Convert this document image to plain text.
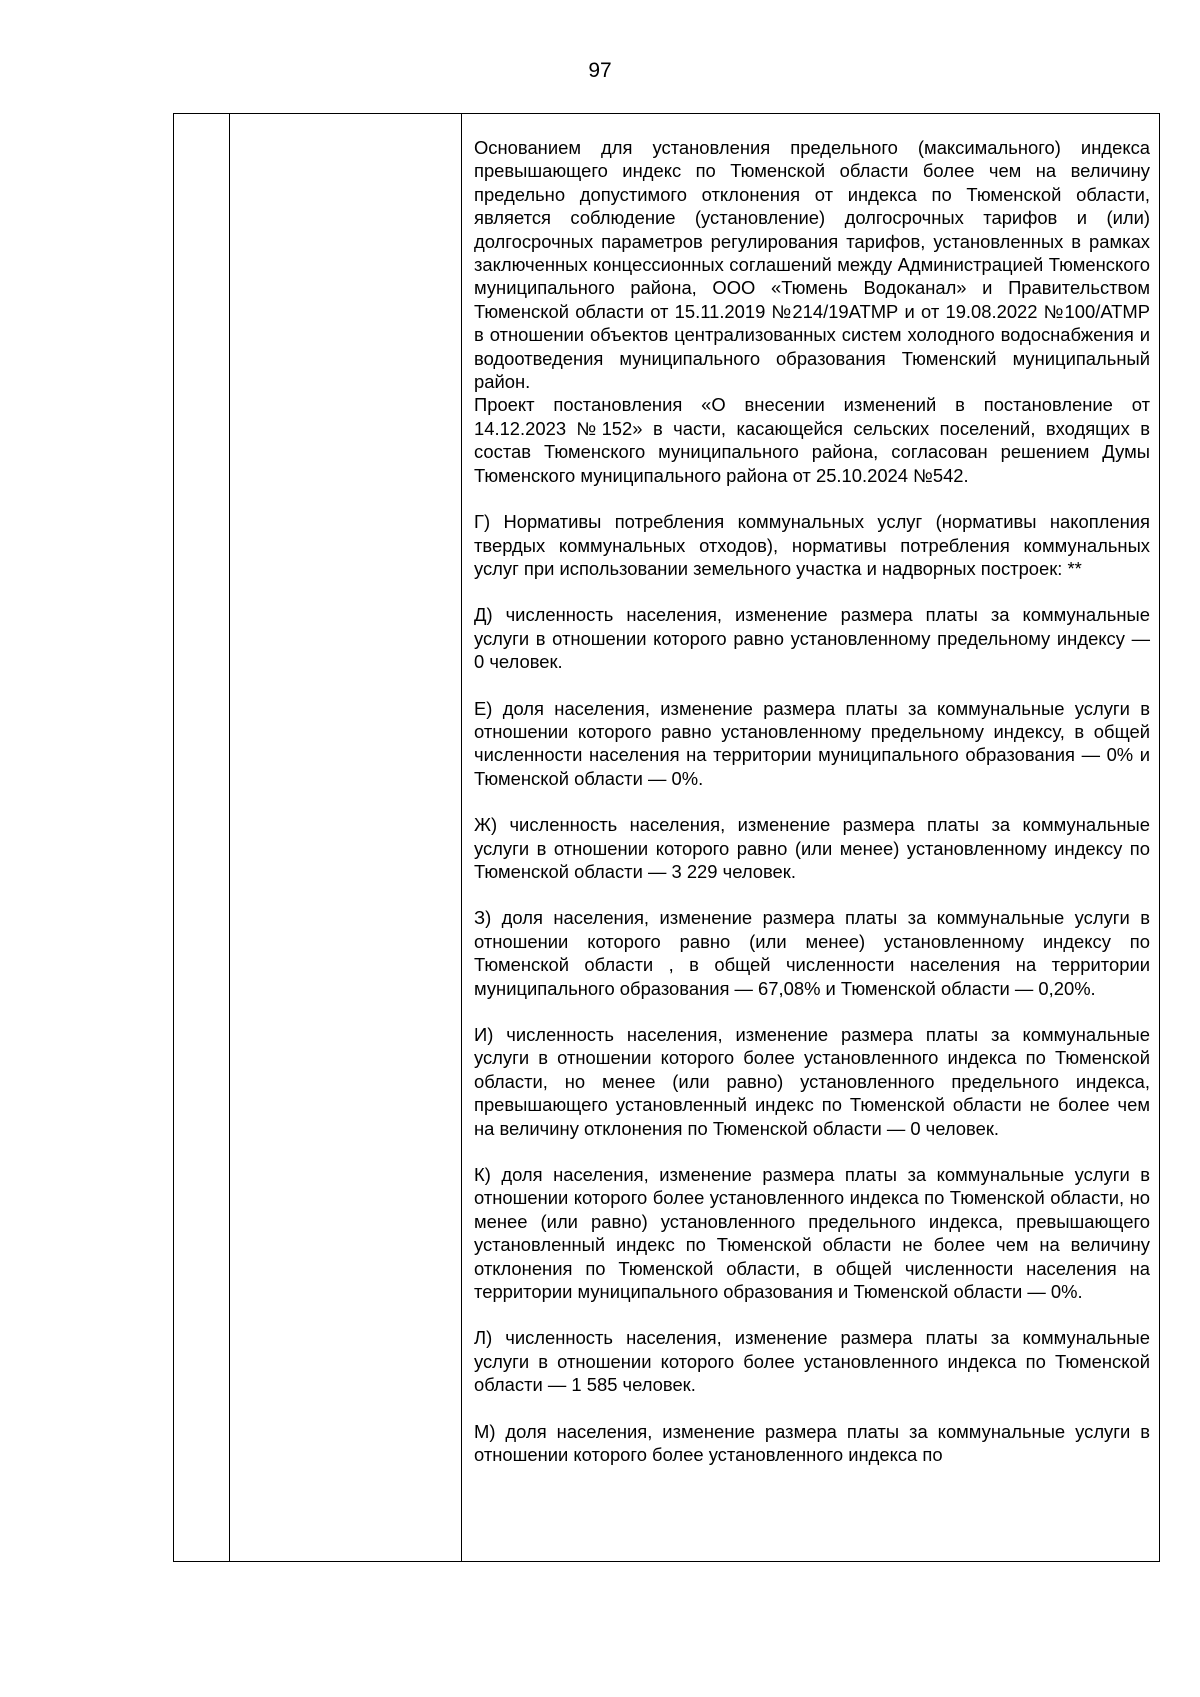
97

Основанием для установления предельного (максимального) индекса превышающего индекс по Тюменской области более чем на величину предельно допустимого отклонения от индекса по Тюменской области, является соблюдение (установление) долгосрочных тарифов и (или) долгосрочных параметров регулирования тарифов, установленных в рамках заключенных концессионных соглашений между Администрацией Тюменского муниципального района, ООО «Тюмень Водоканал» и Правительством Тюменской области от 15.11.2019 №214/19АТМР и от 19.08.2022 №100/АТМР в отношении объектов централизованных систем холодного водоснабжения и водоотведения муниципального образования Тюменский муниципальный район.

Проект постановления «О внесении изменений в постановление от 14.12.2023 №152» в части, касающейся сельских поселений, входящих в состав Тюменского муниципального района, согласован решением Думы Тюменского муниципального района от 25.10.2024 №542.

Г) Нормативы потребления коммунальных услуг (нормативы накопления твердых коммунальных отходов), нормативы потребления коммунальных услуг при использовании земельного участка и надворных построек: **

Д) численность населения, изменение размера платы за коммунальные услуги в отношении которого равно установленному предельному индексу — 0 человек.

Е) доля населения, изменение размера платы за коммунальные услуги в отношении которого равно установленному предельному индексу, в общей численности населения на территории муниципального образования — 0% и Тюменской области — 0%.

Ж) численность населения, изменение размера платы за коммунальные услуги в отношении которого равно (или менее) установленному индексу по Тюменской области — 3 229 человек.

З) доля населения, изменение размера платы за коммунальные услуги в отношении которого равно (или менее) установленному индексу по Тюменской области , в общей численности населения на территории муниципального образования — 67,08% и Тюменской области — 0,20%.

И) численность населения, изменение размера платы за коммунальные услуги в отношении которого более установленного индекса по Тюменской области, но менее (или равно) установленного предельного индекса, превышающего установленный индекс по Тюменской области не более чем на величину отклонения по Тюменской области — 0 человек.

К) доля населения, изменение размера платы за коммунальные услуги в отношении которого более установленного индекса по Тюменской области, но менее (или равно) установленного предельного индекса, превышающего установленный индекс по Тюменской области не более чем на величину отклонения по Тюменской области, в общей численности населения на территории муниципального образования и Тюменской области — 0%.

Л) численность населения, изменение размера платы за коммунальные услуги в отношении которого более установленного индекса по Тюменской области — 1 585 человек.

М) доля населения, изменение размера платы за коммунальные услуги в отношении которого более установленного индекса по
